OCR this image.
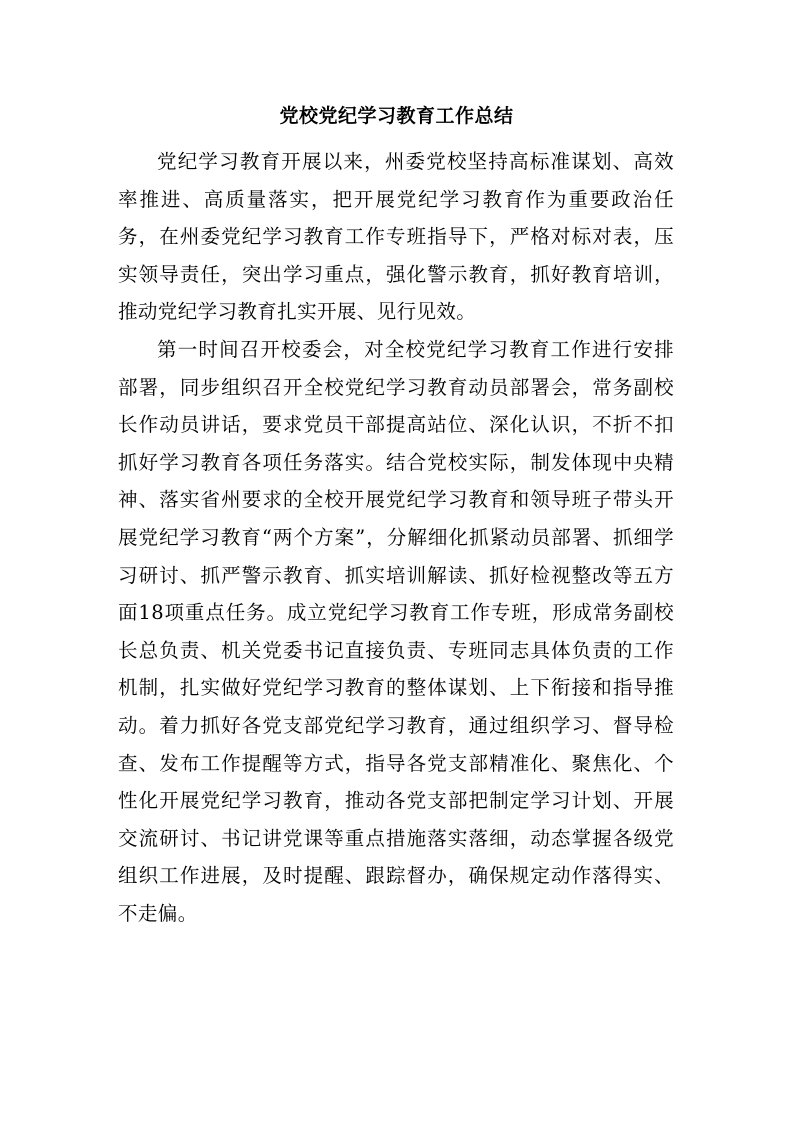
党校党纪学习教育工作总结

党纪学习教育开展以来，州委党校坚持高标准谋划、高效率推进、高质量落实，把开展党纪学习教育作为重要政治任务，在州委党纪学习教育工作专班指导下，严格对标对表，压实领导责任，突出学习重点，强化警示教育，抓好教育培训，推动党纪学习教育扎实开展、见行见效。

第一时间召开校委会，对全校党纪学习教育工作进行安排部署，同步组织召开全校党纪学习教育动员部署会，常务副校长作动员讲话，要求党员干部提高站位、深化认识，不折不扣抓好学习教育各项任务落实。结合党校实际，制发体现中央精神、落实省州要求的全校开展党纪学习教育和领导班子带头开展党纪学习教育“两个方案”，分解细化抓紧动员部署、抓细学习研讨、抓严警示教育、抓实培训解读、抓好检视整改等五方面18项重点任务。成立党纪学习教育工作专班，形成常务副校长总负责、机关党委书记直接负责、专班同志具体负责的工作机制，扎实做好党纪学习教育的整体谋划、上下衔接和指导推动。着力抓好各党支部党纪学习教育，通过组织学习、督导检查、发布工作提醒等方式，指导各党支部精准化、聚焦化、个性化开展党纪学习教育，推动各党支部把制定学习计划、开展交流研讨、书记讲党课等重点措施落实落细，动态掌握各级党组织工作进展，及时提醒、跟踪督办，确保规定动作落得实、不走偏。
